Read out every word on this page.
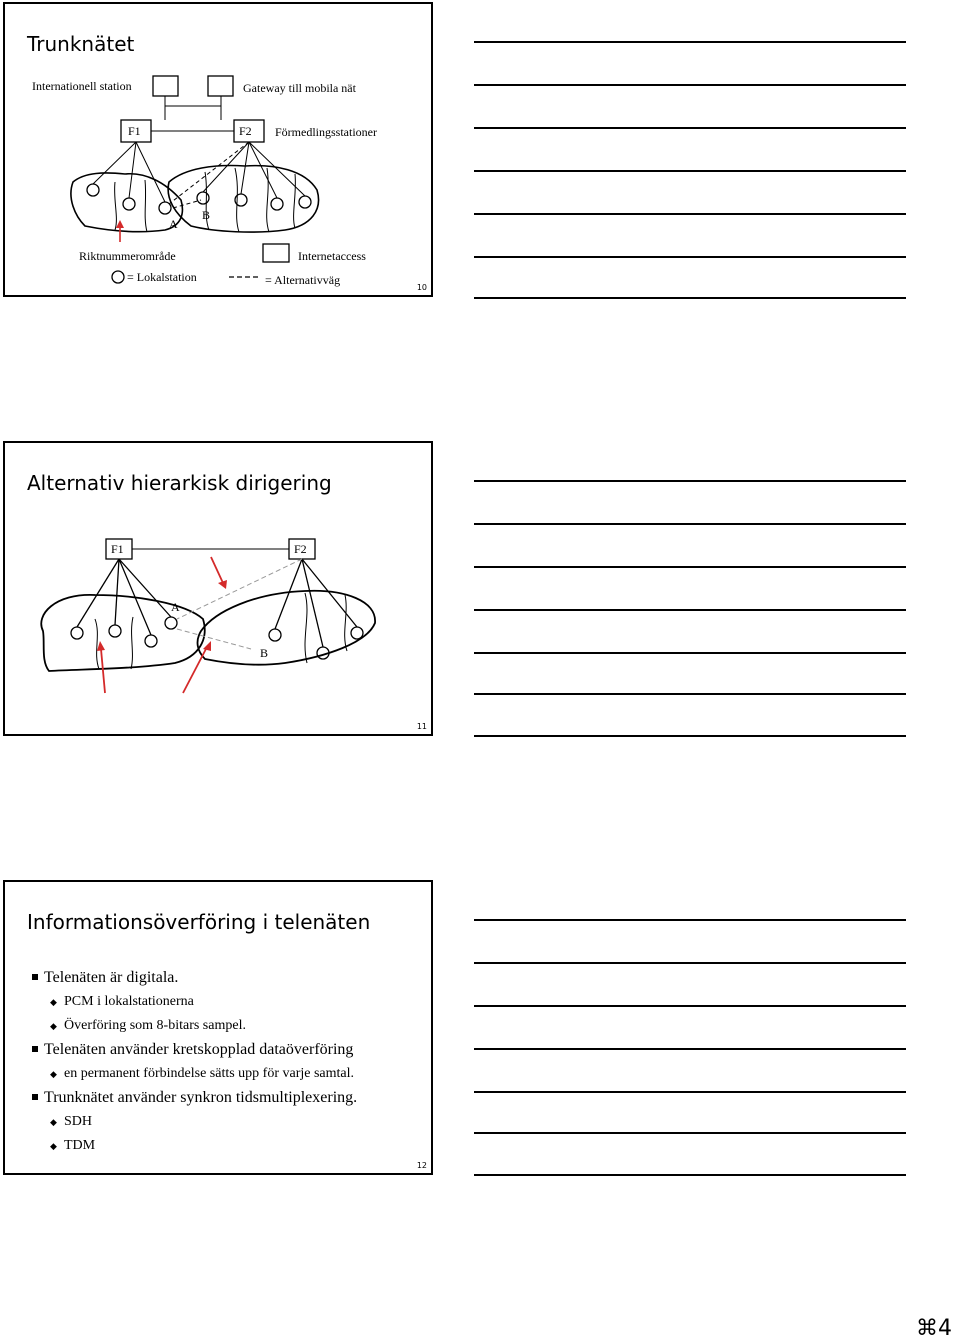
Trunknätet
Internationell station	Gateway till mobila nät
F1	F2 Förmedlingsstationer
A
B
Riktnummerområde	Internetaccess
= Lokalstation	= Alternativväg
10
Alternativ hierarkisk dirigering
F1	F2
A
B
11
Informationsöverföring i telenäten
Telenäten är digitala.
◆ PCM i lokalstationerna
◆ Överföring som 8-bitars sampel.
Telenäten använder kretskopplad dataöverföring
◆ en permanent förbindelse sätts upp för varje samtal.
Trunknätet använder synkron tidsmultiplexering.
◆ SDH
◆ TDM
12
⌘4
